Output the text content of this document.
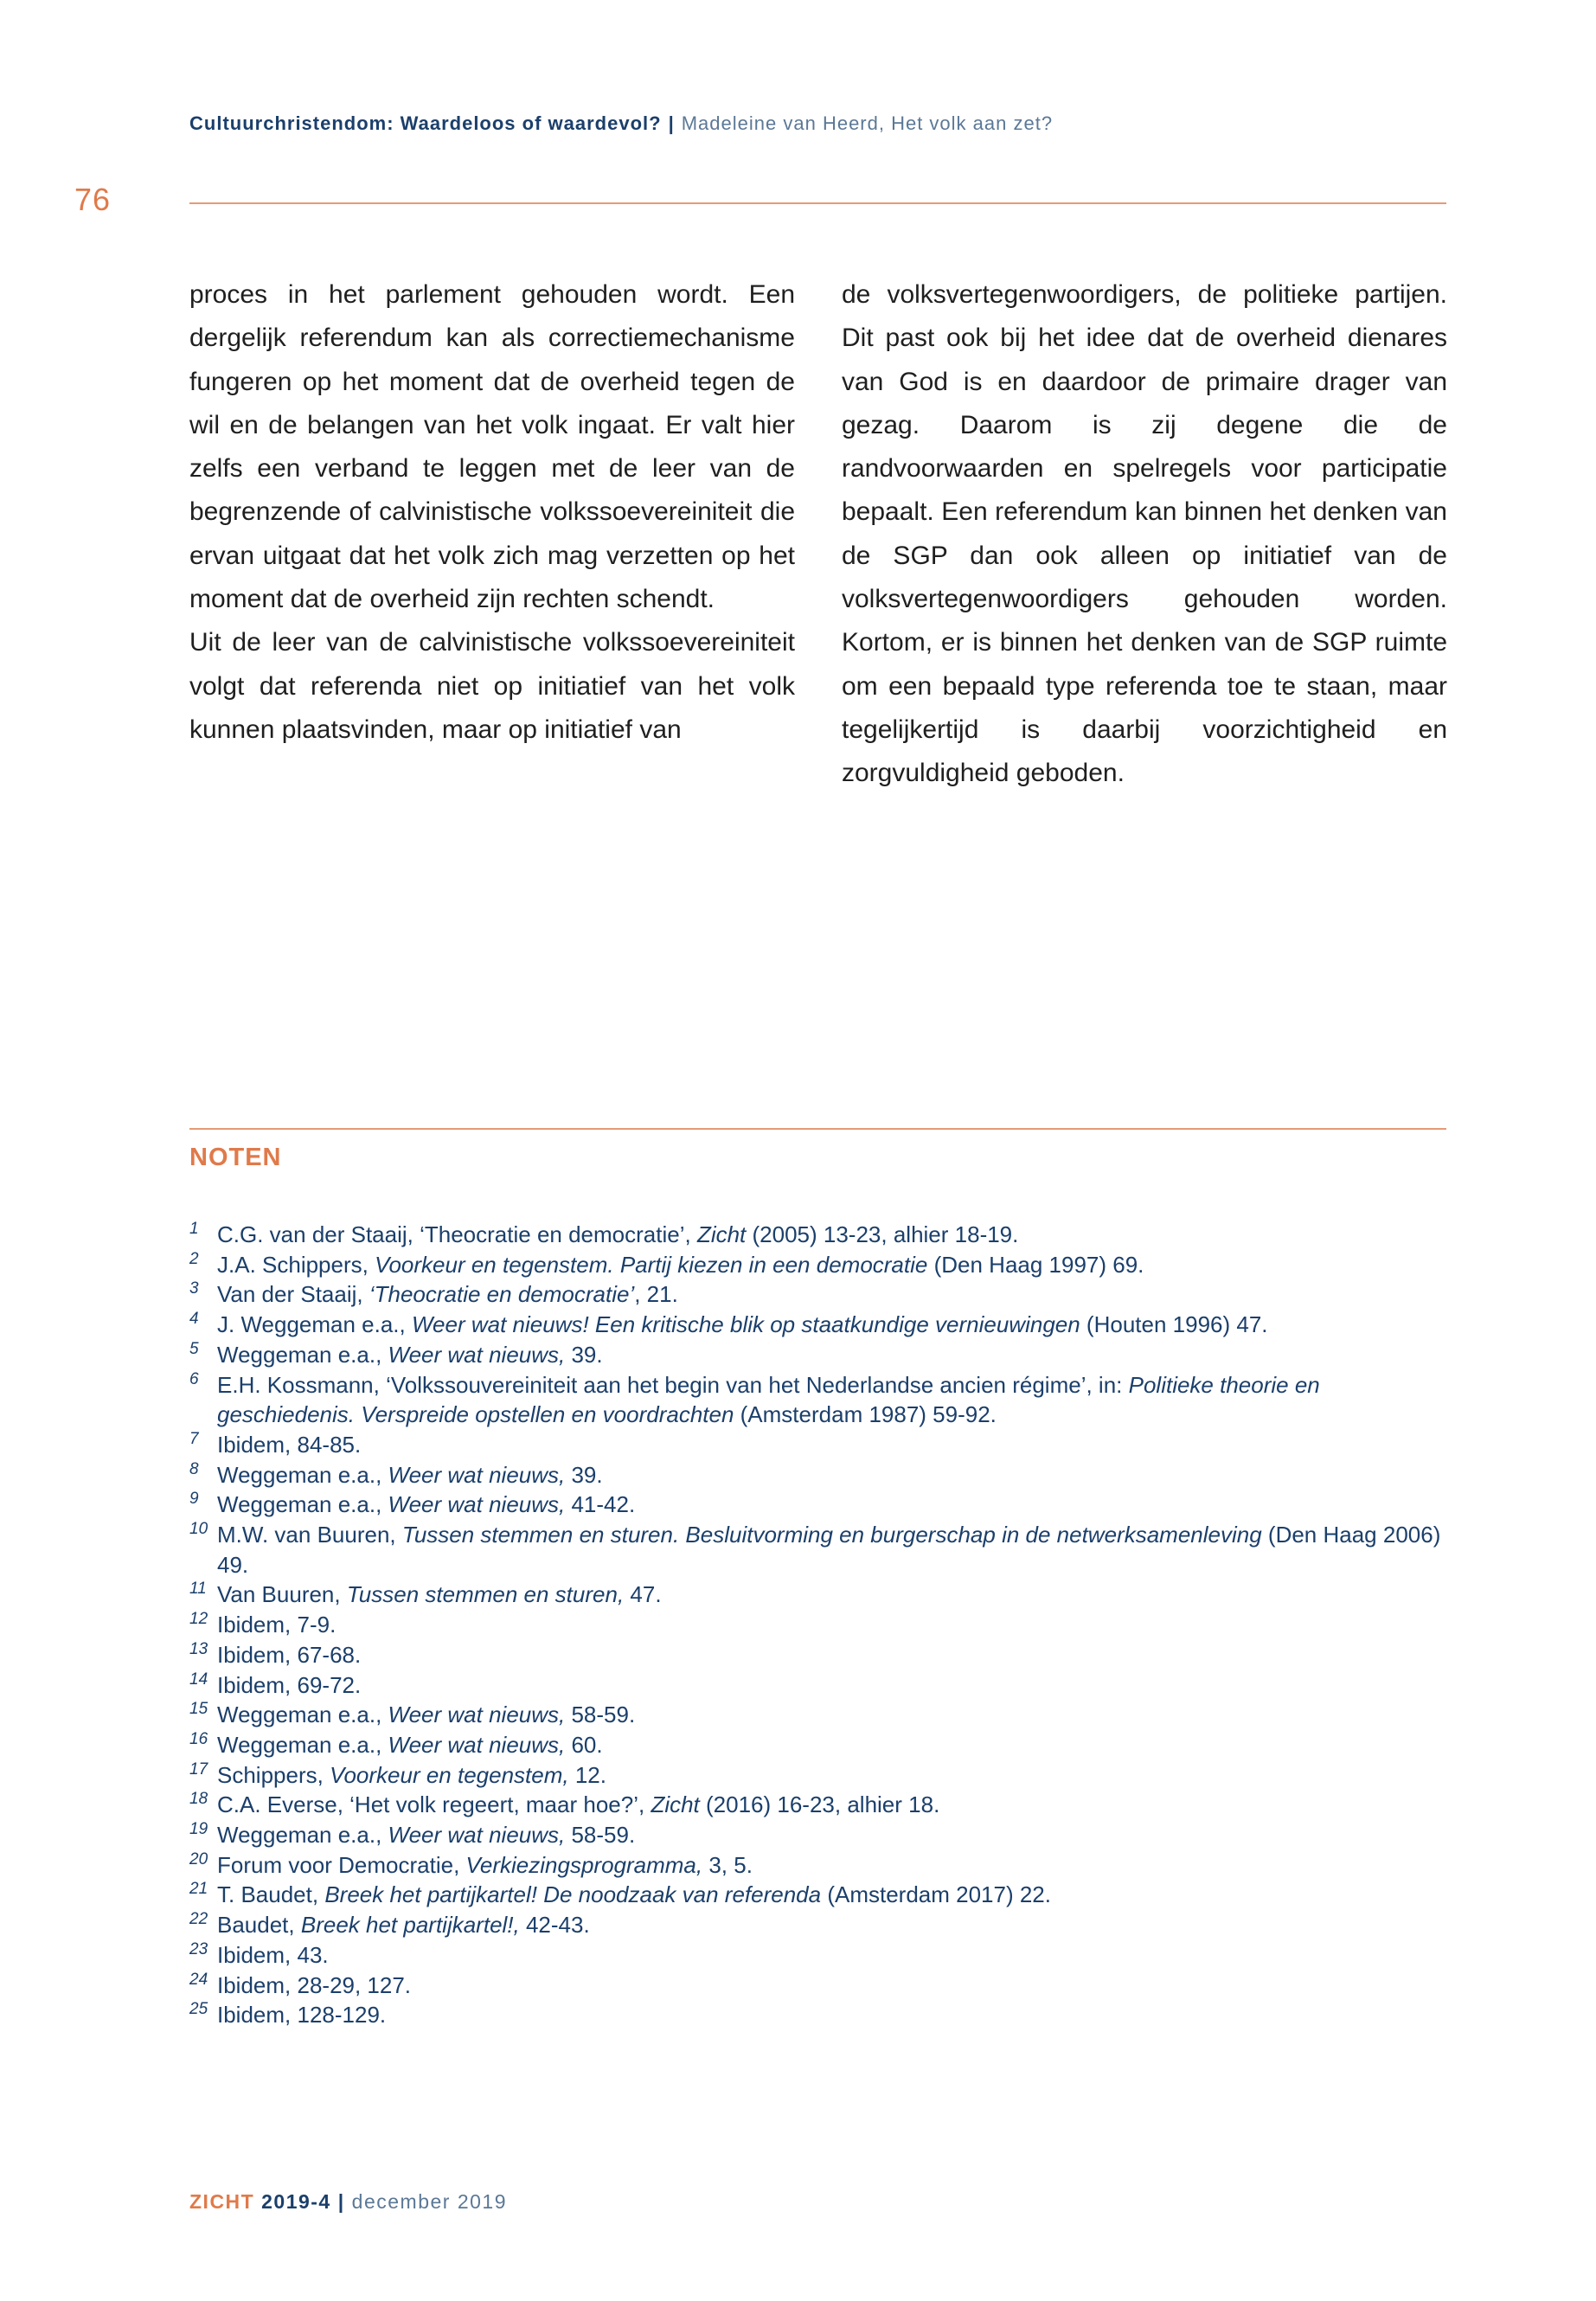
Cultuurchristendom: Waardeloos of waardevol? | Madeleine van Heerd, Het volk aan zet?
76

proces in het parlement gehouden wordt. Een dergelijk referendum kan als correctiemechanisme fungeren op het moment dat de overheid tegen de wil en de belangen van het volk ingaat. Er valt hier zelfs een verband te leggen met de leer van de begrenzende of calvinistische volkssoevereiniteit die ervan uitgaat dat het volk zich mag verzetten op het moment dat de overheid zijn rechten schendt.

Uit de leer van de calvinistische volkssoevereiniteit volgt dat referenda niet op initiatief van het volk kunnen plaatsvinden, maar op initiatief van

de volksvertegenwoordigers, de politieke partijen. Dit past ook bij het idee dat de overheid dienares van God is en daardoor de primaire drager van gezag. Daarom is zij degene die de randvoorwaarden en spelregels voor participatie bepaalt. Een referendum kan binnen het denken van de SGP dan ook alleen op initiatief van de volksvertegenwoordigers gehouden worden. Kortom, er is binnen het denken van de SGP ruimte om een bepaald type referenda toe te staan, maar tegelijkertijd is daarbij voorzichtigheid en zorgvuldigheid geboden.

NOTEN
1 C.G. van der Staaij, ‘Theocratie en democratie’, Zicht (2005) 13-23, alhier 18-19.
2 J.A. Schippers, Voorkeur en tegenstem. Partij kiezen in een democratie (Den Haag 1997) 69.
3 Van der Staaij, ‘Theocratie en democratie’, 21.
4 J. Weggeman e.a., Weer wat nieuws! Een kritische blik op staatkundige vernieuwingen (Houten 1996) 47.
5 Weggeman e.a., Weer wat nieuws, 39.
6 E.H. Kossmann, ‘Volkssouvereiniteit aan het begin van het Nederlandse ancien régime’, in: Politieke theorie en geschiedenis. Verspreide opstellen en voordrachten (Amsterdam 1987) 59-92.
7 Ibidem, 84-85.
8 Weggeman e.a., Weer wat nieuws, 39.
9 Weggeman e.a., Weer wat nieuws, 41-42.
10 M.W. van Buuren, Tussen stemmen en sturen. Besluitvorming en burgerschap in de netwerksamenleving (Den Haag 2006) 49.
11 Van Buuren, Tussen stemmen en sturen, 47.
12 Ibidem, 7-9.
13 Ibidem, 67-68.
14 Ibidem, 69-72.
15 Weggeman e.a., Weer wat nieuws, 58-59.
16 Weggeman e.a., Weer wat nieuws, 60.
17 Schippers, Voorkeur en tegenstem, 12.
18 C.A. Everse, ‘Het volk regeert, maar hoe?’, Zicht (2016) 16-23, alhier 18.
19 Weggeman e.a., Weer wat nieuws, 58-59.
20 Forum voor Democratie, Verkiezingsprogramma, 3, 5.
21 T. Baudet, Breek het partijkartel! De noodzaak van referenda (Amsterdam 2017) 22.
22 Baudet, Breek het partijkartel!, 42-43.
23 Ibidem, 43.
24 Ibidem, 28-29, 127.
25 Ibidem, 128-129.
ZICHT 2019-4 | december 2019
